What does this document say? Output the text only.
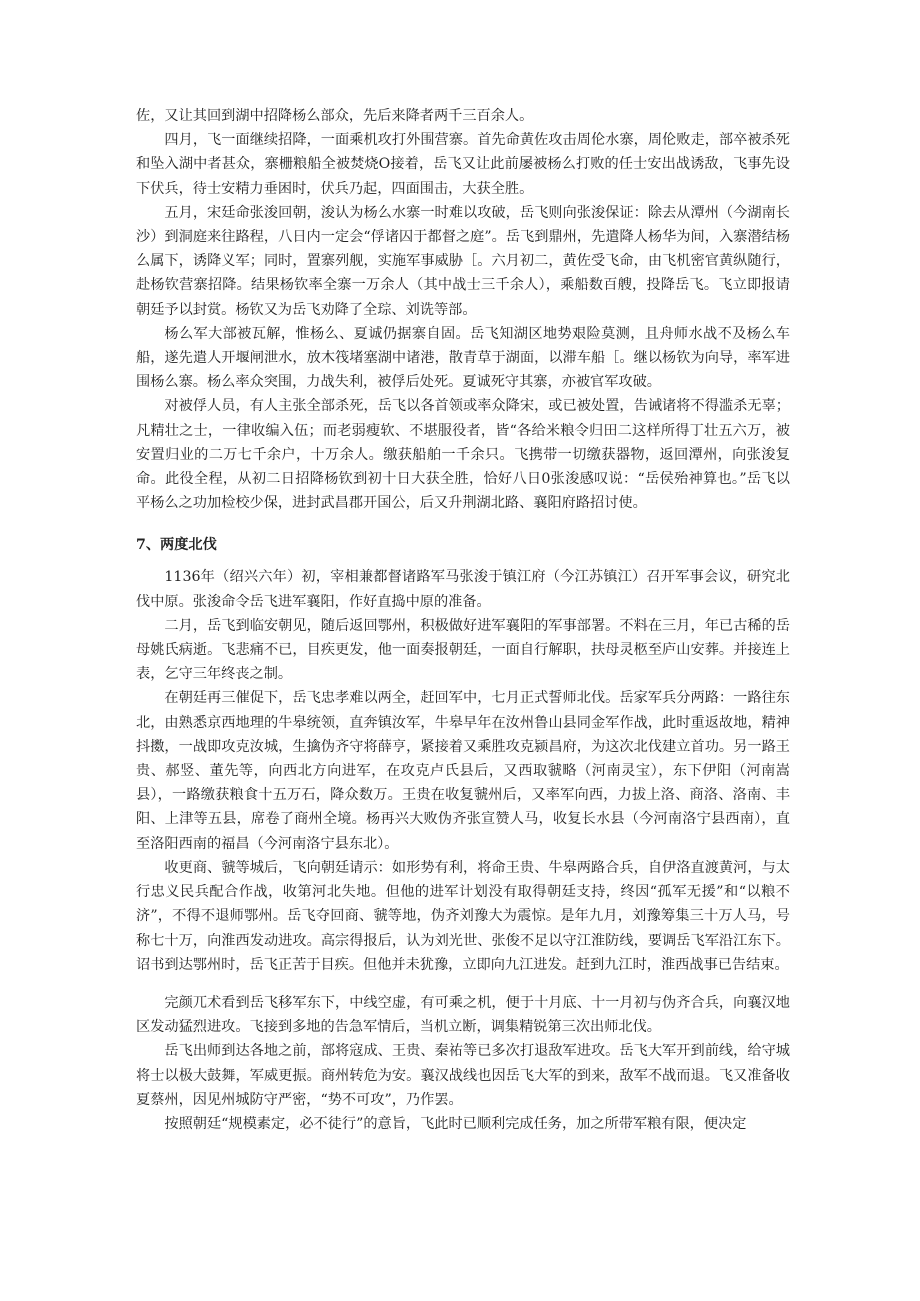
佐，又让其回到湖中招降杨么部众，先后来降者两千三百余人。

四月，飞一面继续招降，一面乘机攻打外围营寨。首先命黄佐攻击周伦水寨，周伦败走，部卒被杀死和坠入湖中者甚众，寨栅粮船全被焚烧O接着，岳飞又让此前屡被杨么打败的任士安出战诱敌，飞事先设下伏兵，待士安精力垂困时，伏兵乃起，四面围击，大获全胜。

五月，宋廷命张浚回朝，浚认为杨么水寨一时难以攻破，岳飞则向张浚保证：除去从潭州（今湖南长沙）到洞庭来往路程，八日内一定会“俘诸囚于都督之庭”。岳飞到鼎州，先遣降人杨华为间，入寨潜结杨么属下，诱降义军；同时，置寨列舰，实施军事威胁［。六月初二，黄佐受飞命，由飞机密官黄纵随行，赴杨钦营寨招降。结果杨钦率全寨一万余人（其中战士三千余人），乘船数百艘，投降岳飞。飞立即报请朝廷予以封赏。杨钦又为岳飞劝降了全琮、刘诜等部。

杨么军大部被瓦解，惟杨么、夏诚仍据寨自固。岳飞知湖区地势艰险莫测，且舟师水战不及杨么车船，遂先遣人开堰闸泄水，放木筏堵塞湖中诸港，散青草于湖面，以滞车船［。继以杨钦为向导，率军进围杨么寨。杨么率众突围，力战失利，被俘后处死。夏诚死守其寨，亦被官军攻破。

对被俘人员，有人主张全部杀死，岳飞以各首领或率众降宋，或已被处置，告诫诸将不得滥杀无辜；凡精壮之士，一律收编入伍；而老弱瘦软、不堪服役者，皆“各给米粮令归田二这样所得丁壮五六万，被安置归业的二万七千余户，十万余人。缴获船舶一千余只。飞携带一切缴获器物，返回潭州，向张浚复命。此役全程，从初二日招降杨钦到初十日大获全胜，恰好八日0张浚感叹说：“岳侯殆神算也。”岳飞以平杨么之功加检校少保，进封武昌郡开国公，后又升荆湖北路、襄阳府路招讨使。

7、两度北伐

1136年（绍兴六年）初，宰相兼都督诸路军马张浚于镇江府（今江苏镇江）召开军事会议，研究北伐中原。张浚命令岳飞进军襄阳，作好直捣中原的准备。

二月，岳飞到临安朝见，随后返回鄂州，积极做好进军襄阳的军事部署。不料在三月，年已古稀的岳母姚氏病逝。飞悲痛不已，目疾更发，他一面奏报朝廷，一面自行解职，扶母灵柩至庐山安葬。并接连上表，乞守三年终丧之制。

在朝廷再三催促下，岳飞忠孝难以两全，赶回军中，七月正式誓师北伐。岳家军兵分两路：一路往东北，由熟悉京西地理的牛皋统领，直奔镇汝军，牛皋早年在汝州鲁山县同金军作战，此时重返故地，精神抖擞，一战即攻克汝城，生擒伪齐守将薛亨，紧接着又乘胜攻克颍昌府，为这次北伐建立首功。另一路王贵、郝竖、董先等，向西北方向进军，在攻克卢氏县后，又西取虢略（河南灵宝），东下伊阳（河南嵩县），一路缴获粮食十五万石，降众数万。王贵在收复虢州后，又率军向西，力拔上洛、商洛、洛南、丰阳、上津等五县，席卷了商州全境。杨再兴大败伪齐张宣赞人马，收复长水县（今河南洛宁县西南），直至洛阳西南的福昌（今河南洛宁县东北）。

收更商、虢等城后，飞向朝廷请示：如形势有利，将命王贵、牛皋两路合兵，自伊洛直渡黄河，与太行忠义民兵配合作战，收第河北失地。但他的进军计划没有取得朝廷支持，终因“孤军无援”和“以粮不济”，不得不退师鄂州。岳飞夺回商、虢等地，伪齐刘豫大为震惊。是年九月，刘豫筹集三十万人马，号称七十万，向淮西发动进攻。高宗得报后，认为刘光世、张俊不足以守江淮防线，要调岳飞军沿江东下。诏书到达鄂州时，岳飞正苦于目疾。但他并未犹豫，立即向九江进发。赶到九江时，淮西战事已告结束。

完颜兀术看到岳飞移军东下，中线空虚，有可乘之机，便于十月底、十一月初与伪齐合兵，向襄汉地区发动猛烈进攻。飞接到多地的告急军情后，当机立断，调集精锐第三次出师北伐。

岳飞出师到达各地之前，部将寇成、王贵、秦祐等已多次打退敌军进攻。岳飞大军开到前线，给守城将士以极大鼓舞，军威更振。商州转危为安。襄汉战线也因岳飞大军的到来，敌军不战而退。飞又准备收夏蔡州，因见州城防守严密，“势不可攻”，乃作罢。

按照朝廷“规模素定，必不徒行”的意旨，飞此时已顺利完成任务，加之所带军粮有限，便决定
